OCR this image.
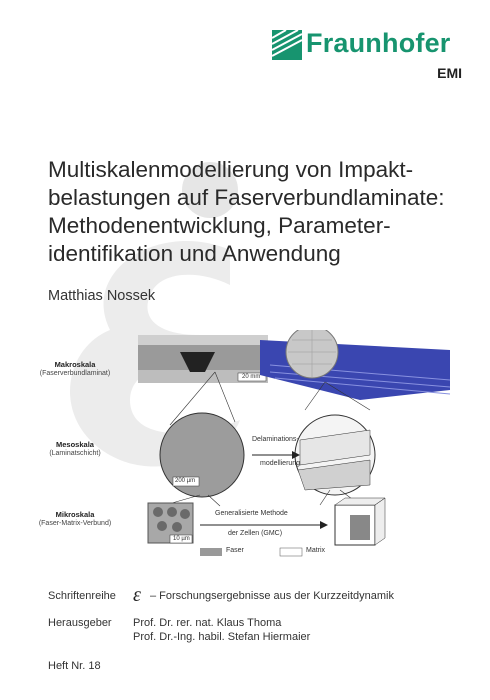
Fraunhofer
EMI
Multiskalenmodellierung von Impakt-
belastungen auf Faserverbundlaminate:
Methodenentwicklung, Parameter-
identifikation und Anwendung
Matthias Nossek
Makroskala
(Faserverbundlaminat)
Mesoskala
(Laminatschicht)
Mikroskala
(Faser-Matrix-Verbund)
20 mm
200 µm
10 µm
Delaminations-
modellierung
Generalisierte Methode
der Zellen (GMC)
Faser	Matrix
Schriftenreihe ε – Forschungsergebnisse aus der Kurzzeitdynamik
Herausgeber Prof. Dr. rer. nat. Klaus Thoma
Prof. Dr.-Ing. habil. Stefan Hiermaier
Heft Nr. 18
